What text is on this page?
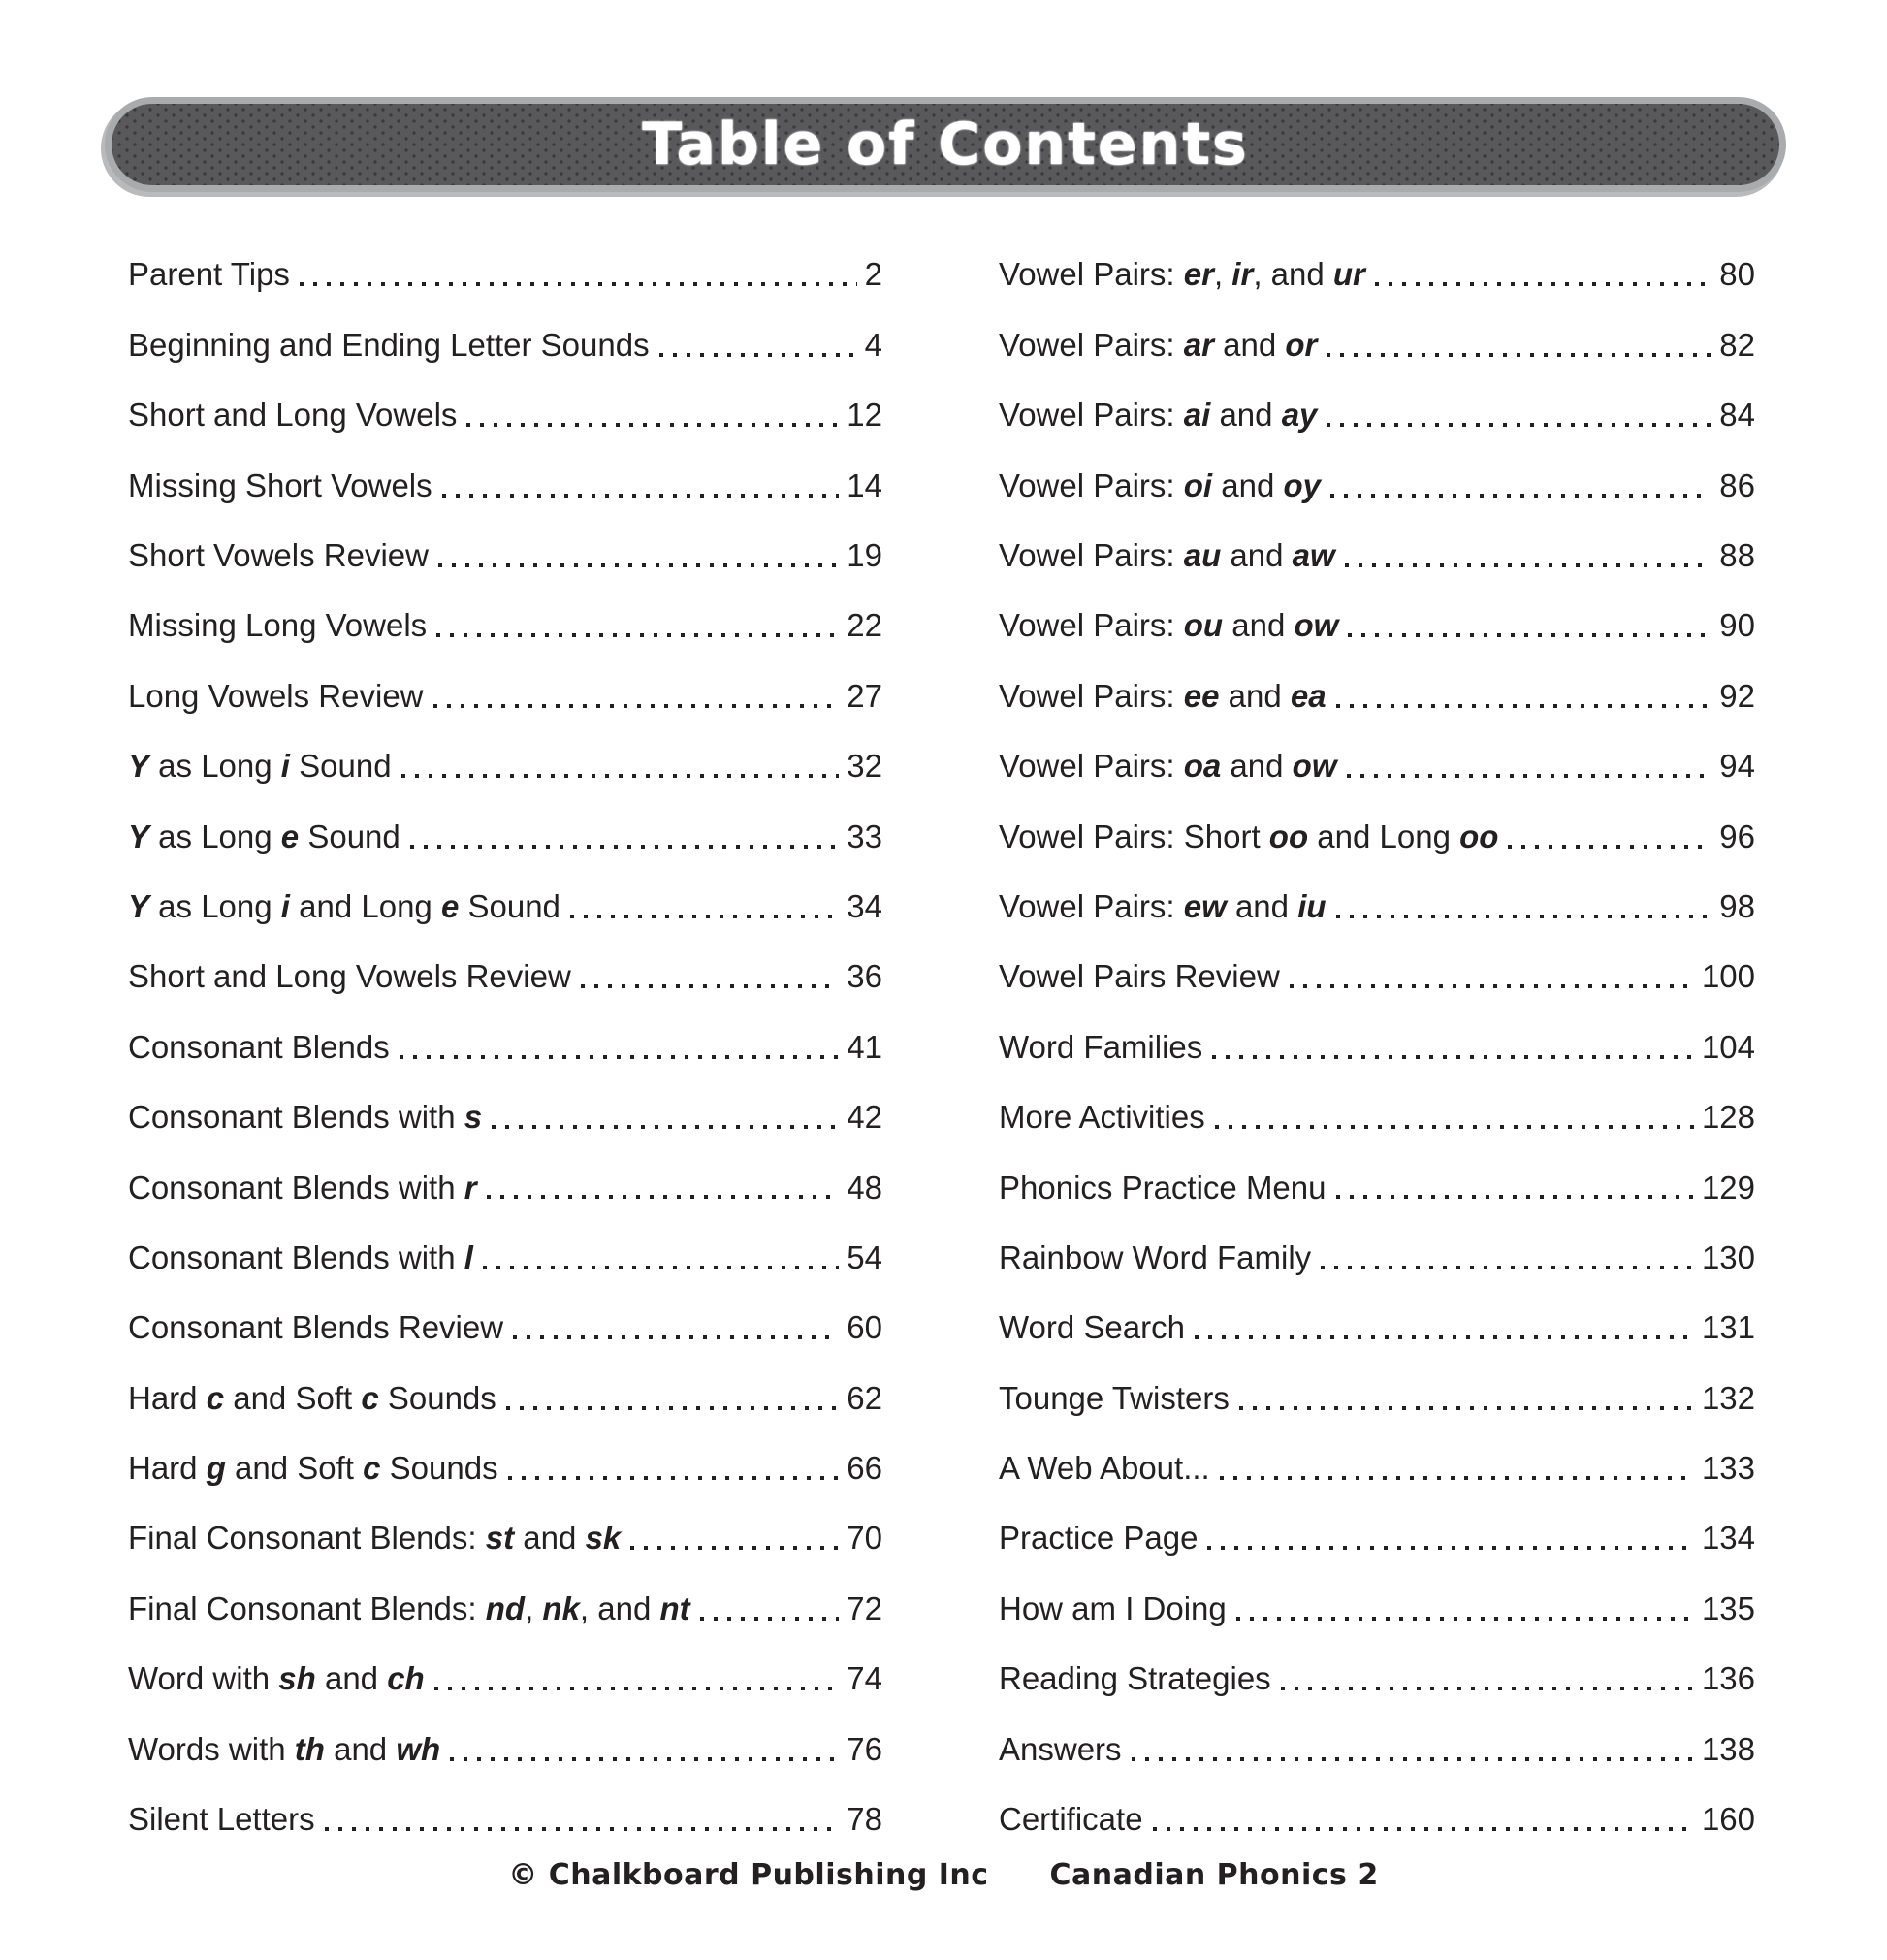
Table of Contents
Parent Tips	2
Beginning and Ending Letter Sounds	4
Short and Long Vowels	12
Missing Short Vowels	14
Short Vowels Review	19
Missing Long Vowels	22
Long Vowels Review	27
Y as Long i Sound	32
Y as Long e Sound	33
Y as Long i and Long e Sound	34
Short and Long Vowels Review	36
Consonant Blends	41
Consonant Blends with s	42
Consonant Blends with r	48
Consonant Blends with l	54
Consonant Blends Review	60
Hard c and Soft c Sounds	62
Hard g and Soft c Sounds	66
Final Consonant Blends: st and sk	70
Final Consonant Blends: nd, nk, and nt	72
Word with sh and ch	74
Words with th and wh	76
Silent Letters	78
Vowel Pairs: er, ir, and ur	80
Vowel Pairs: ar and or	82
Vowel Pairs: ai and ay	84
Vowel Pairs: oi and oy	86
Vowel Pairs: au and aw	88
Vowel Pairs: ou and ow	90
Vowel Pairs: ee and ea	92
Vowel Pairs: oa and ow	94
Vowel Pairs: Short oo and Long oo	96
Vowel Pairs: ew and iu	98
Vowel Pairs Review	100
Word Families	104
More Activities	128
Phonics Practice Menu	129
Rainbow Word Family	130
Word Search	131
Tounge Twisters	132
A Web About...	133
Practice Page	134
How am I Doing	135
Reading Strategies	136
Answers	138
Certificate	160
© Chalkboard Publishing Inc Canadian Phonics 2
